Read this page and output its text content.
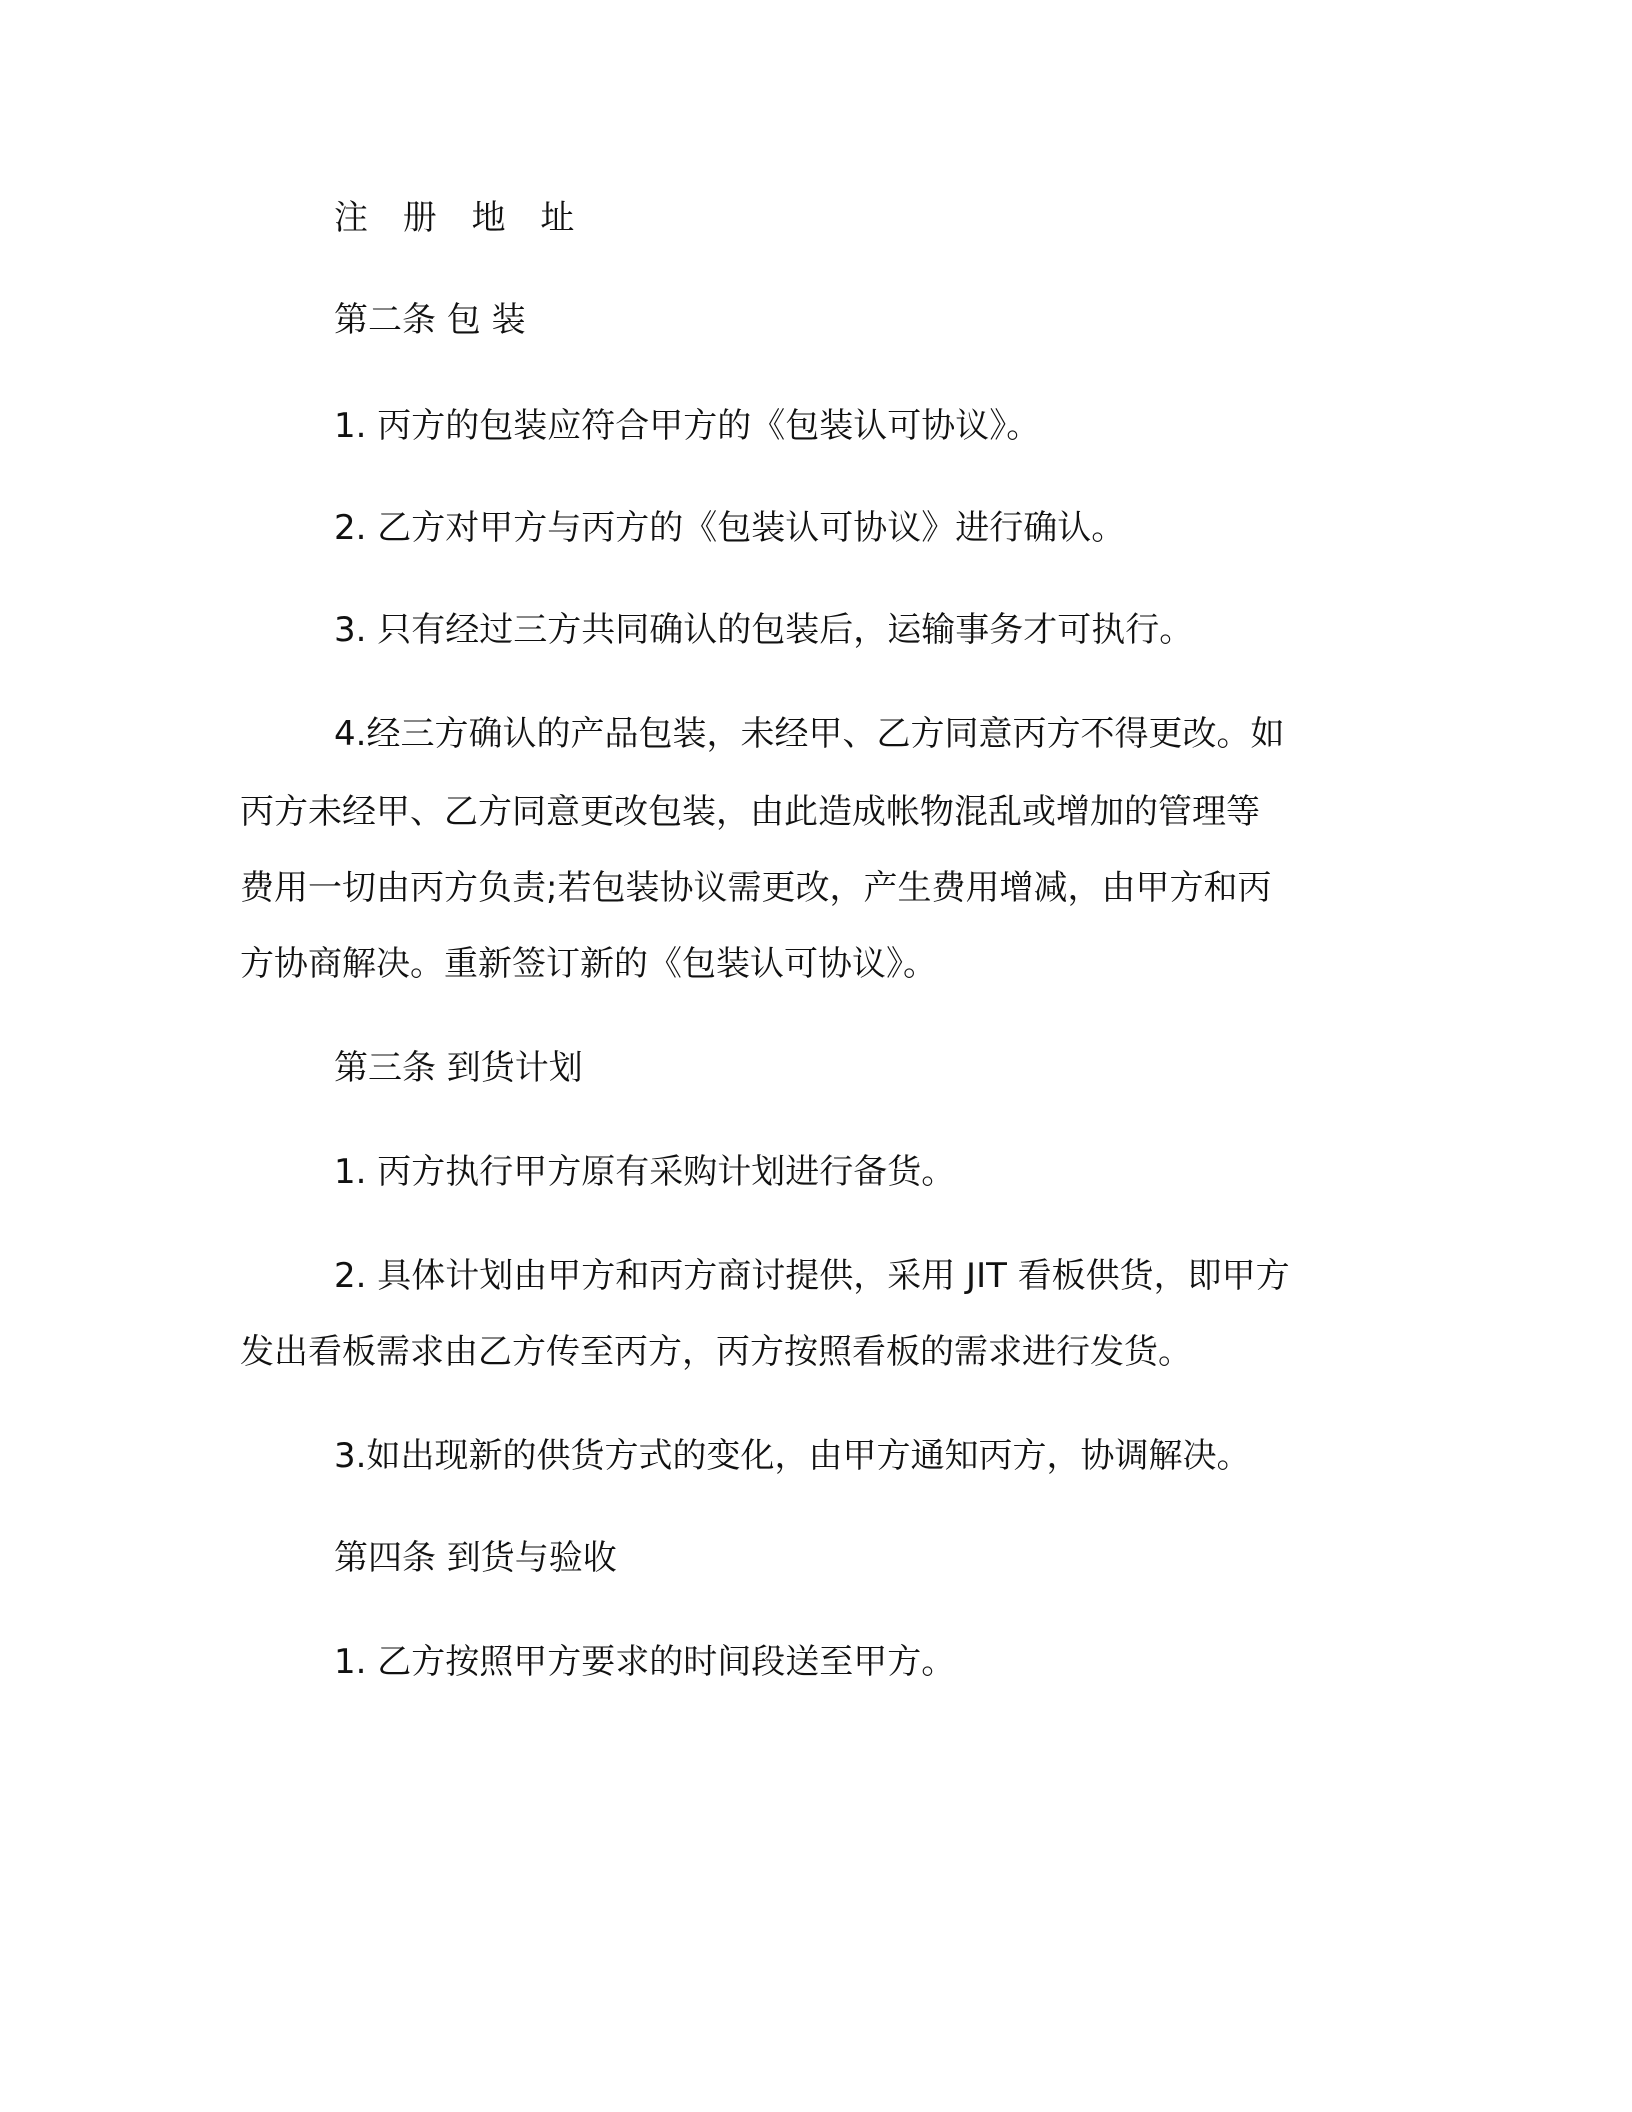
注 册 地 址
第二条 包 装
1. 丙方的包装应符合甲方的《包装认可协议》。
2. 乙方对甲方与丙方的《包装认可协议》进行确认。
3. 只有经过三方共同确认的包装后，运输事务才可执行。
4.经三方确认的产品包装，未经甲、乙方同意丙方不得更改。如
丙方未经甲、乙方同意更改包装，由此造成帐物混乱或增加的管理等
费用一切由丙方负责;若包装协议需更改，产生费用增减，由甲方和丙
方协商解决。重新签订新的《包装认可协议》。
第三条 到货计划
1. 丙方执行甲方原有采购计划进行备货。
2. 具体计划由甲方和丙方商讨提供，采用 JIT 看板供货，即甲方
发出看板需求由乙方传至丙方，丙方按照看板的需求进行发货。
3.如出现新的供货方式的变化，由甲方通知丙方，协调解决。
第四条 到货与验收
1. 乙方按照甲方要求的时间段送至甲方。
